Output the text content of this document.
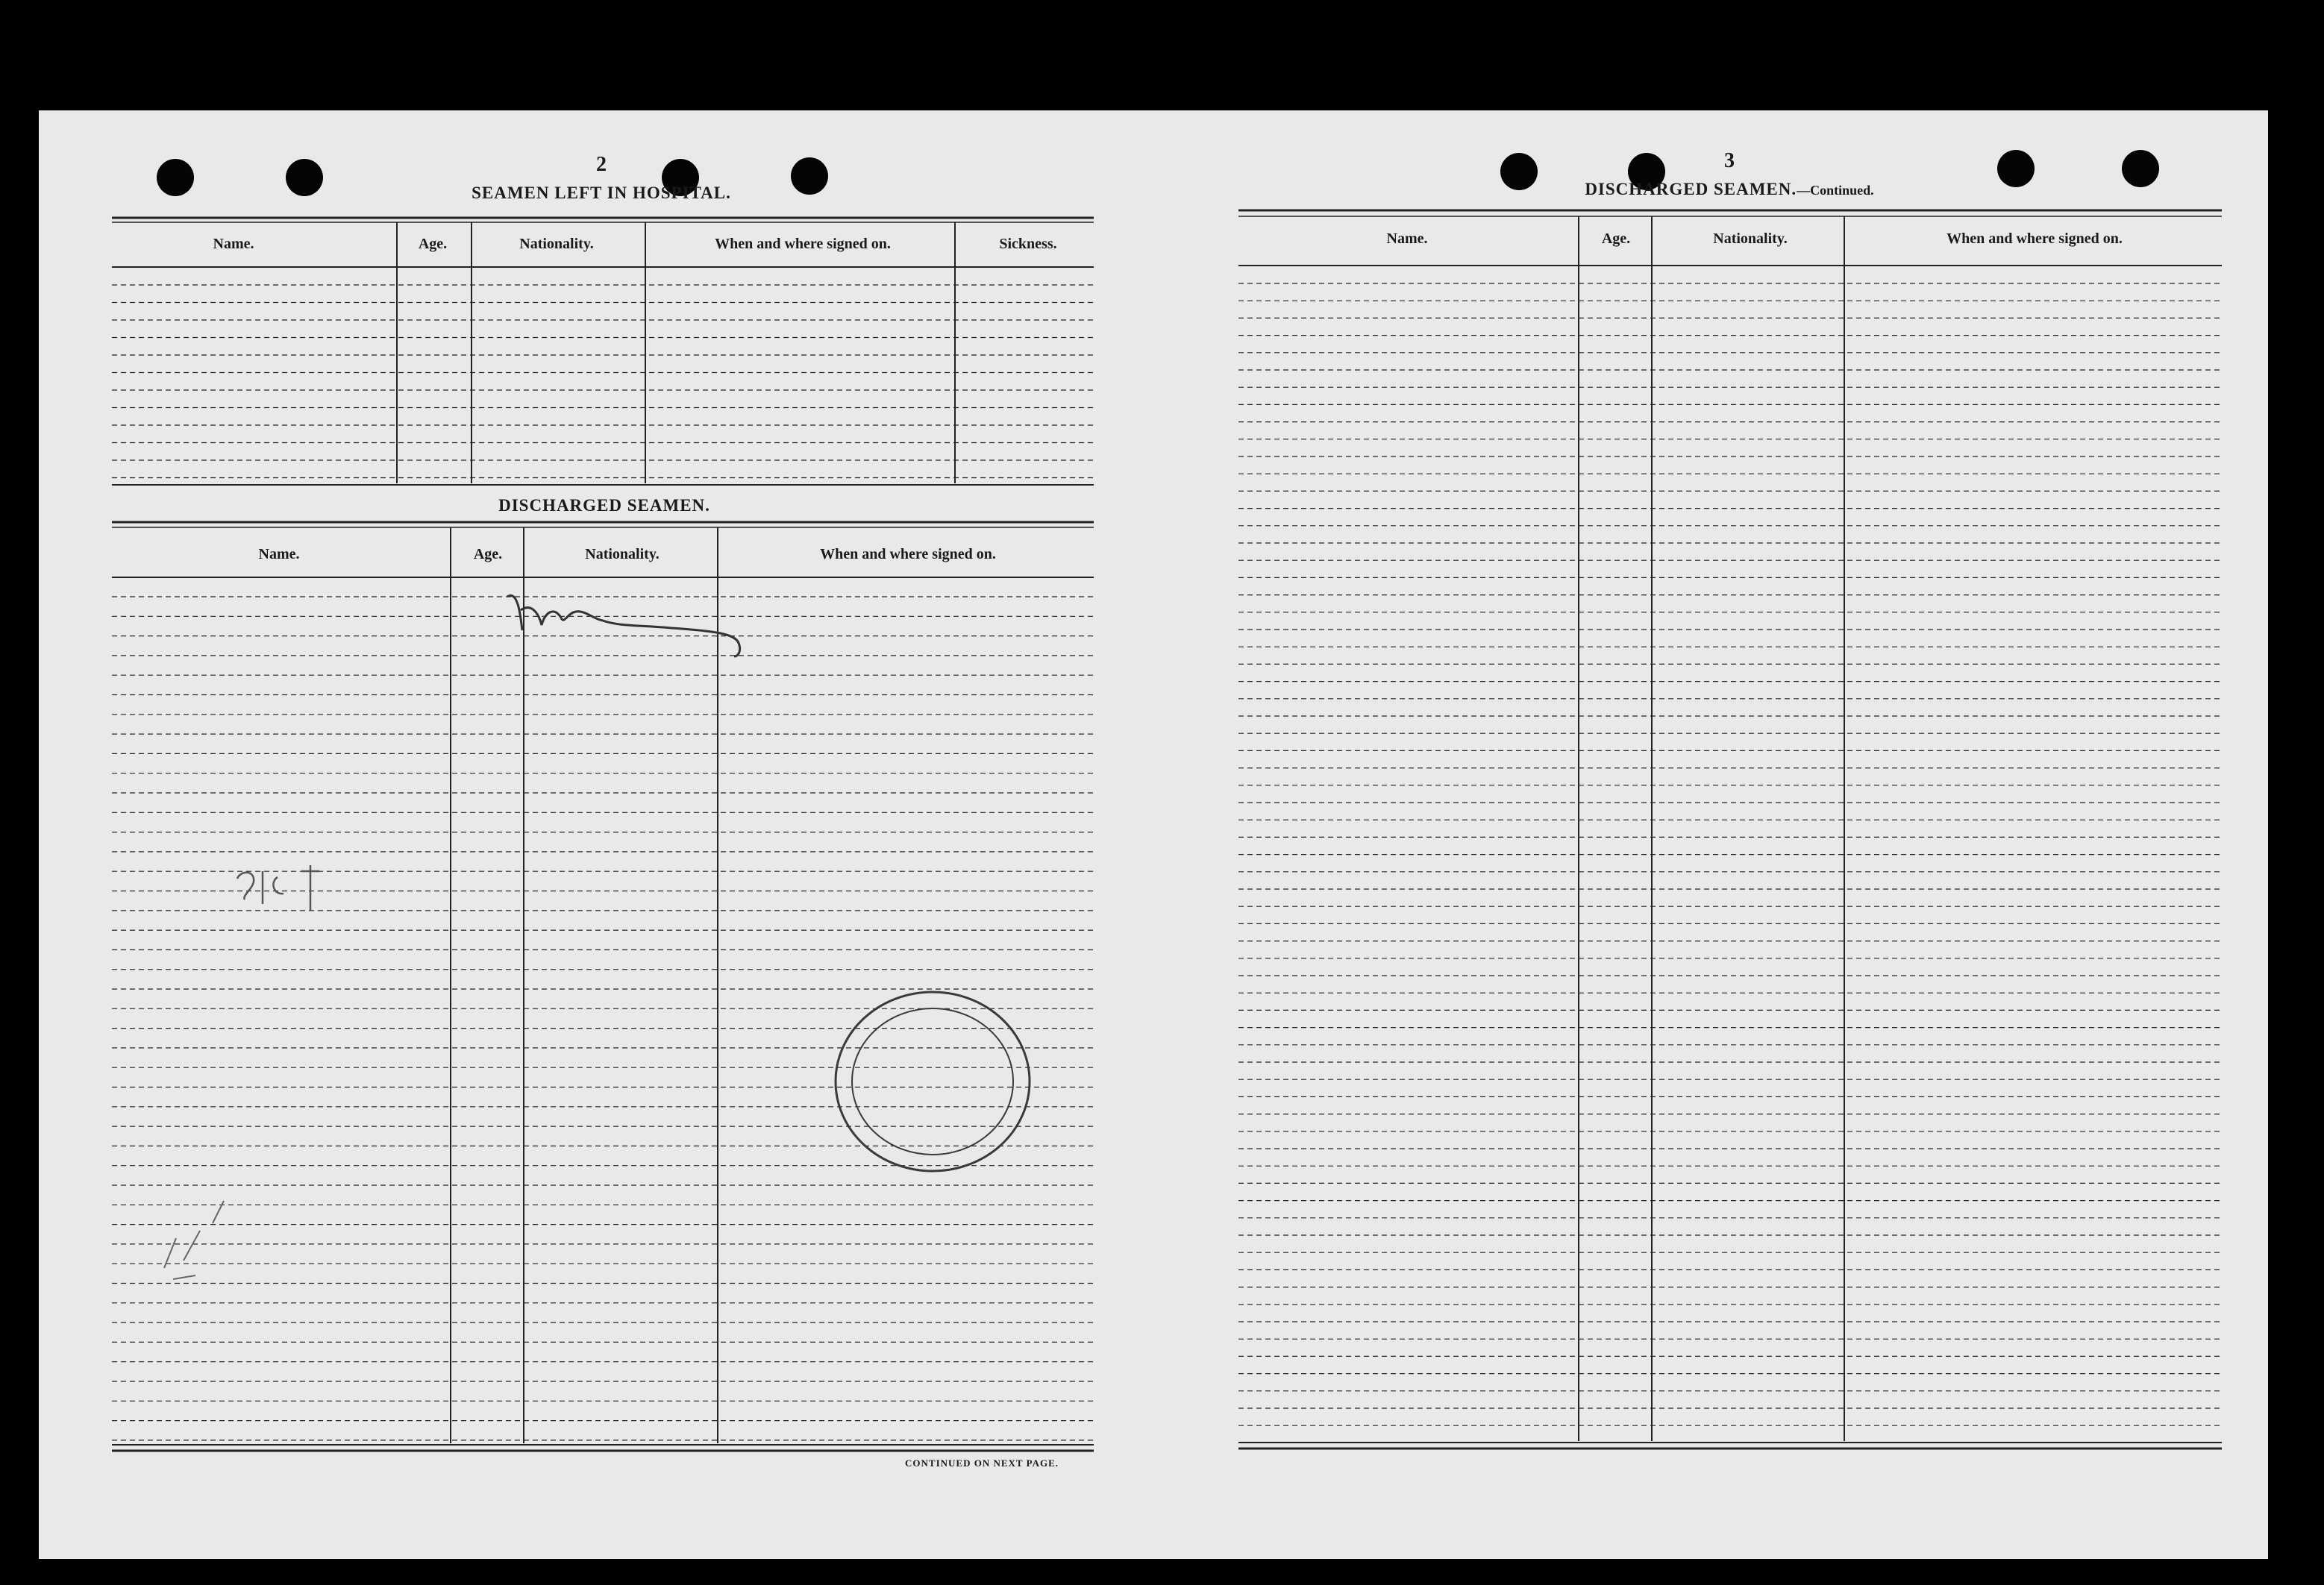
2
SEAMEN LEFT IN HOSPITAL.
Name.	Age.	Nationality.	When and where signed on.	Sickness.
DISCHARGED SEAMEN.
Name.	Age.	Nationality.	When and where signed on.
CONTINUED ON NEXT PAGE.
3
DISCHARGED SEAMEN. —Continued.
Name.	Age.	Nationality.	When and where signed on.
